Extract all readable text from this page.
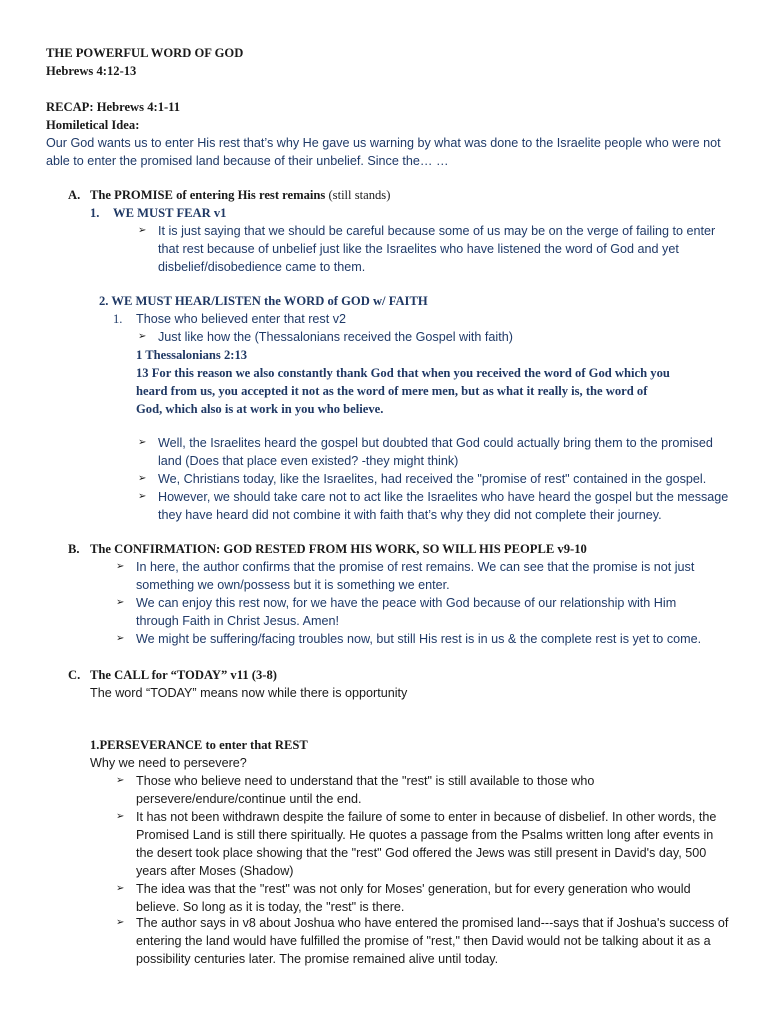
THE POWERFUL WORD OF GOD
Hebrews 4:12-13
RECAP: Hebrews 4:1-11
Homiletical Idea:
Our God wants us to enter His rest that’s why He gave us warning by what was done to the Israelite people who were not
able to enter the promised land because of their unbelief. Since the… …
A. The PROMISE of entering His rest remains (still stands)
1. WE MUST FEAR v1
➢ It is just saying that we should be careful because some of us may be on the verge of failing to enter
that rest because of unbelief just like the Israelites who have listened the word of God and yet
disbelief/disobedience came to them.
2. WE MUST HEAR/LISTEN the WORD of GOD w/ FAITH
1. Those who believed enter that rest v2
➢ Just like how the (Thessalonians received the Gospel with faith)
1 Thessalonians 2:13
13 For this reason we also constantly thank God that when you received the word of God which you
heard from us, you accepted it not as the word of mere men, but as what it really is, the word of
God, which also is at work in you who believe.
➢ Well, the Israelites heard the gospel but doubted that God could actually bring them to the promised
land (Does that place even existed? -they might think)
➢ We, Christians today, like the Israelites, had received the "promise of rest" contained in the gospel.
➢ However, we should take care not to act like the Israelites who have heard the gospel but the message
they have heard did not combine it with faith that’s why they did not complete their journey.
B. The CONFIRMATION: GOD RESTED FROM HIS WORK, SO WILL HIS PEOPLE v9-10
➢ In here, the author confirms that the promise of rest remains. We can see that the promise is not just
something we own/possess but it is something we enter.
➢ We can enjoy this rest now, for we have the peace with God because of our relationship with Him
through Faith in Christ Jesus. Amen!
➢ We might be suffering/facing troubles now, but still His rest is in us & the complete rest is yet to come.
C. The CALL for “TODAY” v11 (3-8)
The word “TODAY” means now while there is opportunity
1.PERSEVERANCE to enter that REST
Why we need to persevere?
➢ Those who believe need to understand that the "rest" is still available to those who
persevere/endure/continue until the end.
➢ It has not been withdrawn despite the failure of some to enter in because of disbelief. In other words, the
Promised Land is still there spiritually. He quotes a passage from the Psalms written long after events in
the desert took place showing that the "rest" God offered the Jews was still present in David's day, 500
years after Moses (Shadow)
➢ The idea was that the "rest" was not only for Moses' generation, but for every generation who would
believe. So long as it is today, the "rest" is there.
➢ The author says in v8 about Joshua who have entered the promised land---says that if Joshua's success of
entering the land would have fulfilled the promise of "rest," then David would not be talking about it as a
possibility centuries later. The promise remained alive until today.
